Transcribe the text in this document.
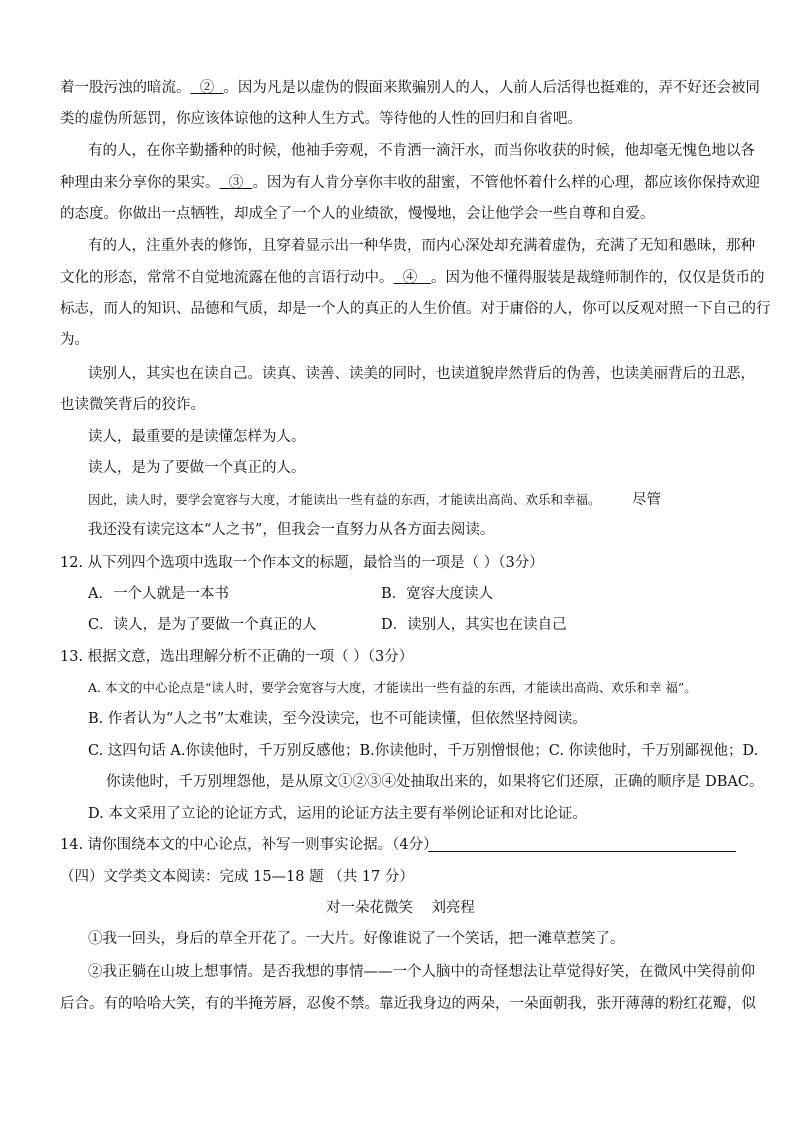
着一股污浊的暗流。 ② 。因为凡是以虚伪的假面来欺骗别人的人，人前人后活得也挺难的，弄不好还会被同
类的虚伪所惩罚，你应该体谅他的这种人生方式。等待他的人性的回归和自省吧。
有的人，在你辛勤播种的时候，他袖手旁观，不肯洒一滴汗水，而当你收获的时候，他却毫无愧色地以各
种理由来分享你的果实。 ③ 。因为有人肯分享你丰收的甜蜜，不管他怀着什么样的心理，都应该你保持欢迎
的态度。你做出一点牺牲，却成全了一个人的业绩欲，慢慢地，会让他学会一些自尊和自爱。
有的人，注重外表的修饰，且穿着显示出一种华贵，而内心深处却充满着虚伪，充满了无知和愚昧，那种
文化的形态，常常不自觉地流露在他的言语行动中。 ④ 。因为他不懂得服装是裁缝师制作的，仅仅是货币的
标志，而人的知识、品德和气质，却是一个人的真正的人生价值。对于庸俗的人，你可以反观对照一下自己的行
为。
读别人，其实也在读自己。读真、读善、读美的同时，也读道貌岸然背后的伪善，也读美丽背后的丑恶，
也读微笑背后的狡诈。
读人，最重要的是读懂怎样为人。
读人，是为了要做一个真正的人。
因此，读人时，要学会宽容与大度，才能读出一些有益的东西，才能读出高尚、欢乐和幸福。 尽管
我还没有读完这本“人之书”，但我会一直努力从各方面去阅读。
12. 从下列四个选项中选取一个作本文的标题，最恰当的一项是（ ）（3分）
A．一个人就是一本书	B．宽容大度读人
C．读人，是为了要做一个真正的人	D．读别人，其实也在读自己
13. 根据文意，选出理解分析不正确的一项（ ）（3分）
A. 本文的中心论点是“读人时，要学会宽容与大度，才能读出一些有益的东西，才能读出高尚、欢乐和幸 福”。
B. 作者认为“人之书”太难读，至今没读完，也不可能读懂，但依然坚持阅读。
C. 这四句话 A.你读他时，千万别反感他；B.你读他时，千万别憎恨他；C. 你读他时，千万别鄙视他；D.
你读他时，千万别埋怨他，是从原文①②③④处抽取出来的，如果将它们还原，正确的顺序是 DBAC。
D. 本文采用了立论的论证方式，运用的论证方法主要有举例论证和对比论证。
14. 请你围绕本文的中心论点，补写一则事实论据。（4分）
（四）文学类文本阅读：完成 15—18 题 （共 17 分）
对一朵花微笑 刘亮程
①我一回头，身后的草全开花了。一大片。好像谁说了一个笑话，把一滩草惹笑了。
②我正躺在山坡上想事情。是否我想的事情——一个人脑中的奇怪想法让草觉得好笑，在微风中笑得前仰
后合。有的哈哈大笑，有的半掩芳唇，忍俊不禁。靠近我身边的两朵，一朵面朝我，张开薄薄的粉红花瓣，似
